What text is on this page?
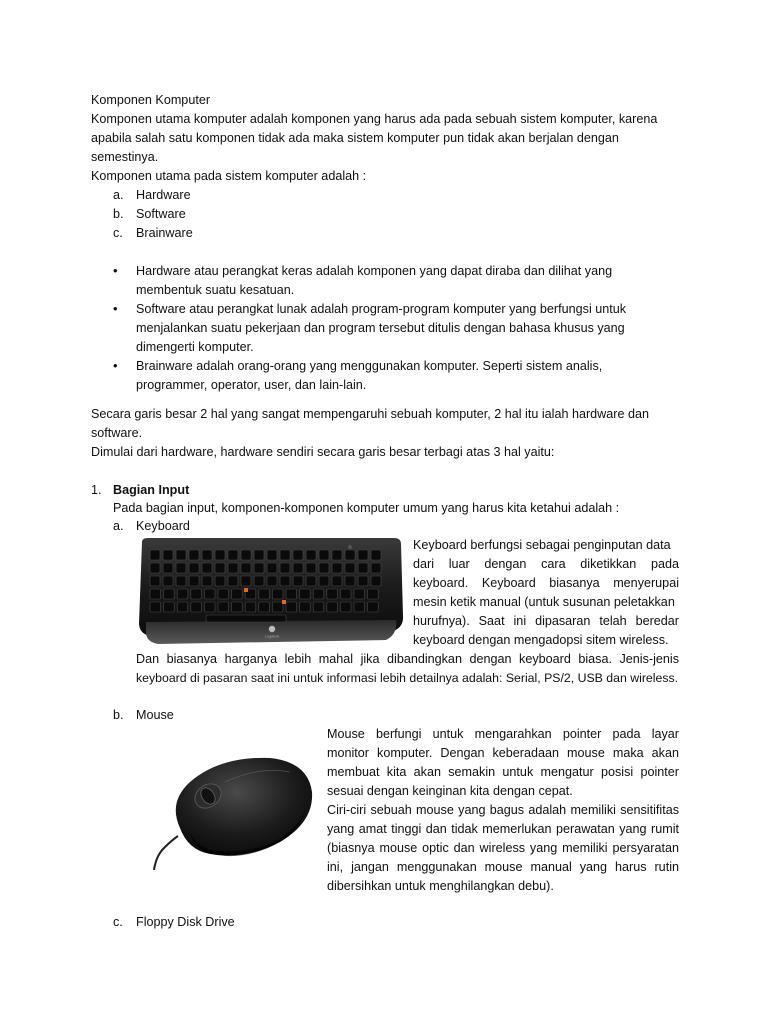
Komponen Komputer
Komponen utama komputer adalah komponen yang harus ada pada sebuah sistem komputer, karena
apabila salah satu komponen tidak ada maka sistem komputer pun tidak akan berjalan dengan
semestinya.
Komponen utama pada sistem komputer adalah :
a. Hardware
b. Software
c. Brainware
• Hardware atau perangkat keras adalah komponen yang dapat diraba dan dilihat yang
membentuk suatu kesatuan.
• Software atau perangkat lunak adalah program-program komputer yang berfungsi untuk
menjalankan suatu pekerjaan dan program tersebut ditulis dengan bahasa khusus yang
dimengerti komputer.
• Brainware adalah orang-orang yang menggunakan komputer. Seperti sistem analis,
programmer, operator, user, dan lain-lain.
Secara garis besar 2 hal yang sangat mempengaruhi sebuah komputer, 2 hal itu ialah hardware dan
software.
Dimulai dari hardware, hardware sendiri secara garis besar terbagi atas 3 hal yaitu:
1. Bagian Input
Pada bagian input, komponen-komponen komputer umum yang harus kita ketahui adalah :
a. Keyboard
Logitech
Keyboard berfungsi sebagai penginputan data
dari luar dengan cara diketikkan pada
keyboard. Keyboard biasanya menyerupai
mesin ketik manual (untuk susunan peletakkan
hurufnya). Saat ini dipasaran telah beredar
keyboard dengan mengadopsi sitem wireless.
Dan biasanya harganya lebih mahal jika dibandingkan dengan keyboard biasa. Jenis-jenis
keyboard di pasaran saat ini untuk informasi lebih detailnya adalah: Serial, PS/2, USB dan wireless.
b. Mouse
Mouse berfungi untuk mengarahkan pointer pada layar
monitor komputer. Dengan keberadaan mouse maka akan
membuat kita akan semakin untuk mengatur posisi pointer
sesuai dengan keinginan kita dengan cepat.
Ciri-ciri sebuah mouse yang bagus adalah memiliki sensitifitas
yang amat tinggi dan tidak memerlukan perawatan yang rumit
(biasnya mouse optic dan wireless yang memiliki persyaratan
ini, jangan menggunakan mouse manual yang harus rutin
dibersihkan untuk menghilangkan debu).
c. Floppy Disk Drive
